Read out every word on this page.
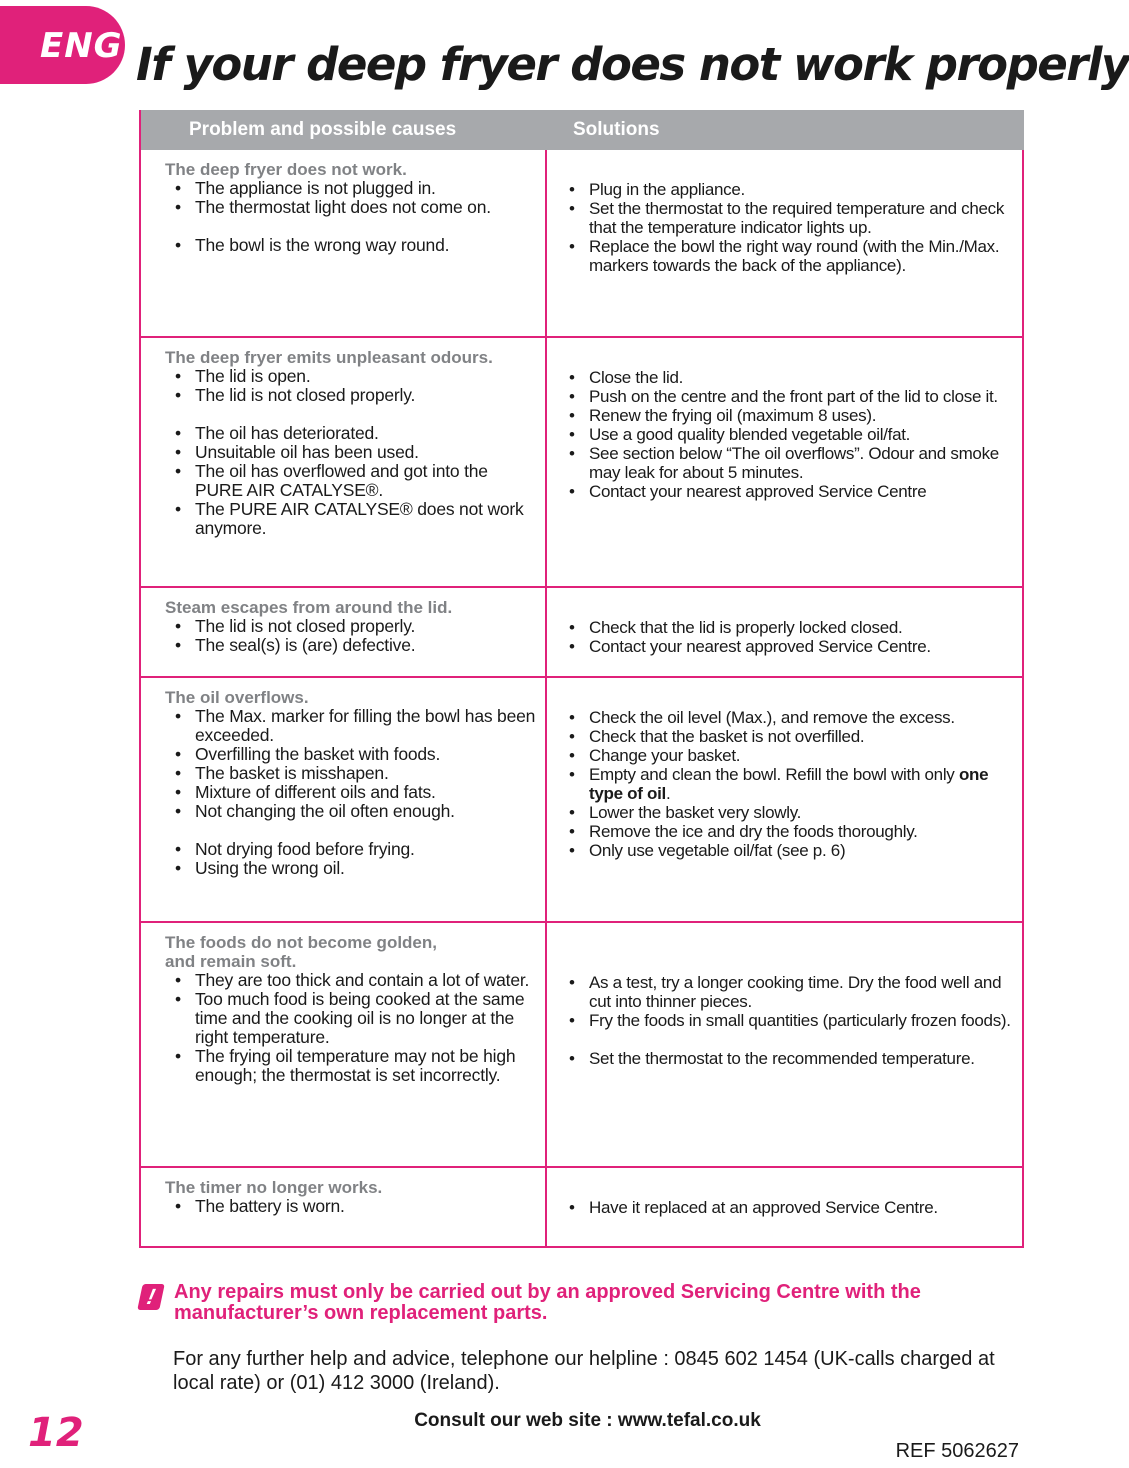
ENG If your deep fryer does not work properly
Problem and possible causes	Solutions
The deep fryer does not work.
• The appliance is not plugged in.
• The thermostat light does not come on.
• The bowl is the wrong way round.
• Plug in the appliance.
• Set the thermostat to the required temperature and check that the temperature indicator lights up.
• Replace the bowl the right way round (with the Min./Max. markers towards the back of the appliance).
The deep fryer emits unpleasant odours.
• The lid is open.
• The lid is not closed properly.
• The oil has deteriorated.
• Unsuitable oil has been used.
• The oil has overflowed and got into the PURE AIR CATALYSE®.
• The PURE AIR CATALYSE® does not work anymore.
• Close the lid.
• Push on the centre and the front part of the lid to close it.
• Renew the frying oil (maximum 8 uses).
• Use a good quality blended vegetable oil/fat.
• See section below “The oil overflows”. Odour and smoke may leak for about 5 minutes.
• Contact your nearest approved Service Centre
Steam escapes from around the lid.
• The lid is not closed properly.
• The seal(s) is (are) defective.
• Check that the lid is properly locked closed.
• Contact your nearest approved Service Centre.
The oil overflows.
• The Max. marker for filling the bowl has been exceeded.
• Overfilling the basket with foods.
• The basket is misshapen.
• Mixture of different oils and fats.
• Not changing the oil often enough.
• Not drying food before frying.
• Using the wrong oil.
• Check the oil level (Max.), and remove the excess.
• Check that the basket is not overfilled.
• Change your basket.
• Empty and clean the bowl. Refill the bowl with only one type of oil.
• Lower the basket very slowly.
• Remove the ice and dry the foods thoroughly.
• Only use vegetable oil/fat (see p. 6)
The foods do not become golden,
and remain soft.
• They are too thick and contain a lot of water.
• Too much food is being cooked at the same time and the cooking oil is no longer at the right temperature.
• The frying oil temperature may not be high enough; the thermostat is set incorrectly.
• As a test, try a longer cooking time. Dry the food well and cut into thinner pieces.
• Fry the foods in small quantities (particularly frozen foods).
• Set the thermostat to the recommended temperature.
The timer no longer works.
• The battery is worn.
•	Have it replaced at an approved Service Centre.
! Any repairs must only be carried out by an approved Servicing Centre with the manufacturer’s own replacement parts.
For any further help and advice, telephone our helpline : 0845 602 1454 (UK-calls charged at local rate) or (01) 412 3000 (Ireland).
Consult our web site : www.tefal.co.uk
12	REF 5062627
